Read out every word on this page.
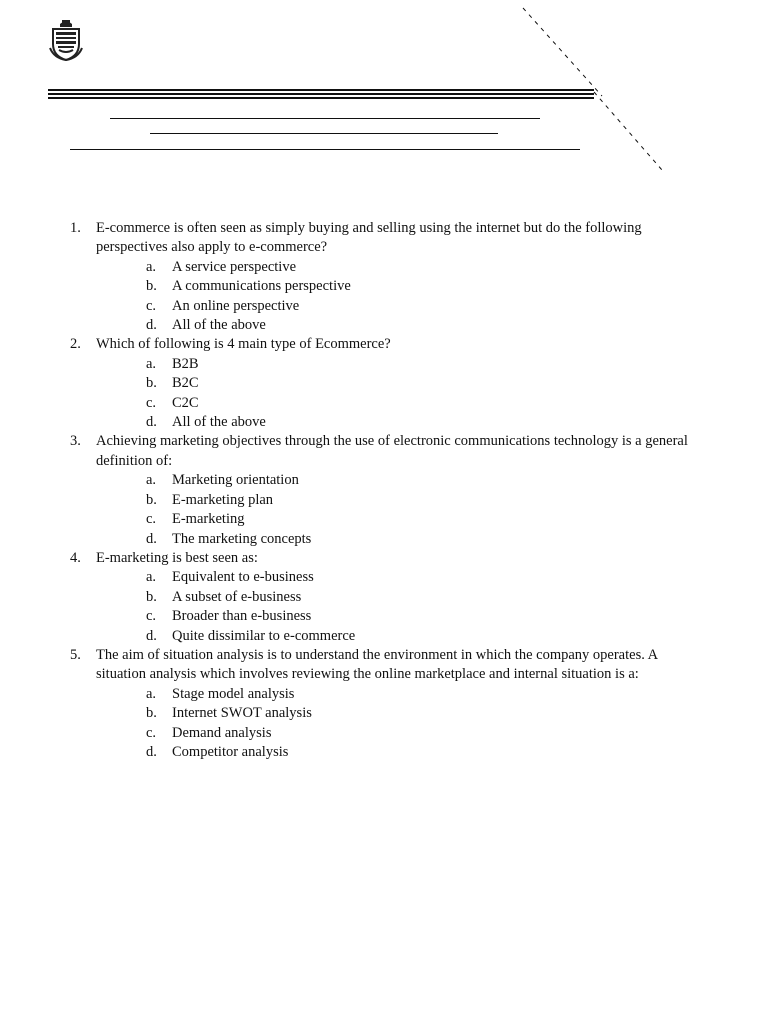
1. E-commerce is often seen as simply buying and selling using the internet but do the following perspectives also apply to e-commerce?
a. A service perspective
b. A communications perspective
c. An online perspective
d. All of the above
2. Which of following is 4 main type of Ecommerce?
a. B2B
b. B2C
c. C2C
d. All of the above
3. Achieving marketing objectives through the use of electronic communications technology is a general definition of:
a. Marketing orientation
b. E-marketing plan
c. E-marketing
d. The marketing concepts
4. E-marketing is best seen as:
a. Equivalent to e-business
b. A subset of e-business
c. Broader than e-business
d. Quite dissimilar to e-commerce
5. The aim of situation analysis is to understand the environment in which the company operates. A situation analysis which involves reviewing the online marketplace and internal situation is a:
a. Stage model analysis
b. Internet SWOT analysis
c. Demand analysis
d. Competitor analysis
